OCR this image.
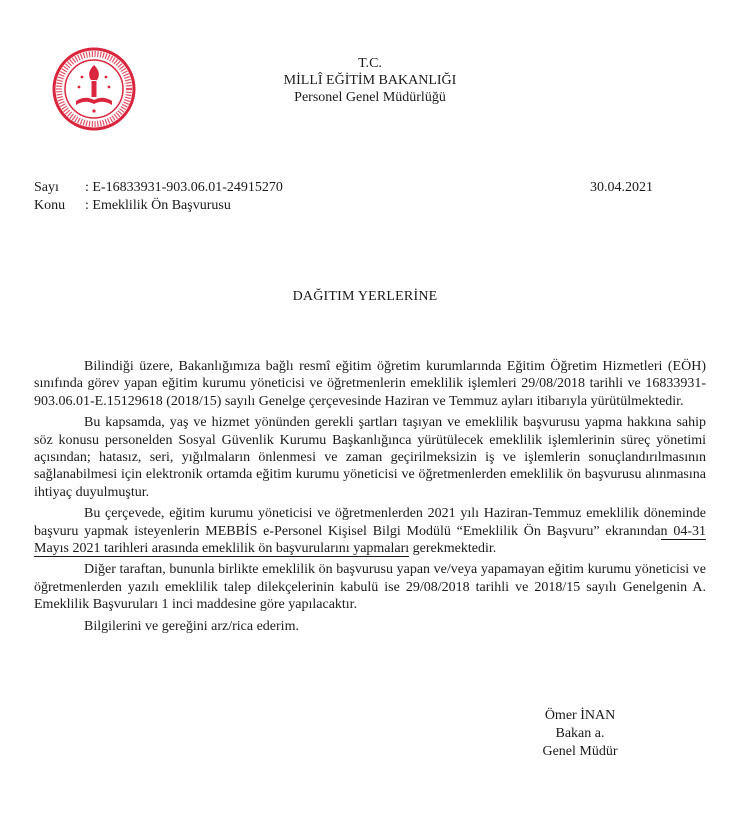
T.C.
MİLLÎ EĞİTİM BAKANLIĞI
Personel Genel Müdürlüğü
Sayı : E-16833931-903.06.01-24915270
Konu : Emeklilik Ön Başvurusu
30.04.2021
DAĞITIM YERLERİNE

Bilindiği üzere, Bakanlığımıza bağlı resmî eğitim öğretim kurumlarında Eğitim Öğretim Hizmetleri (EÖH) sınıfında görev yapan eğitim kurumu yöneticisi ve öğretmenlerin emeklilik işlemleri 29/08/2018 tarihli ve 16833931-903.06.01-E.15129618 (2018/15) sayılı Genelge çerçevesinde Haziran ve Temmuz ayları itibarıyla yürütülmektedir.

Bu kapsamda, yaş ve hizmet yönünden gerekli şartları taşıyan ve emeklilik başvurusu yapma hakkına sahip söz konusu personelden Sosyal Güvenlik Kurumu Başkanlığınca yürütülecek emeklilik işlemlerinin süreç yönetimi açısından; hatasız, seri, yığılmaların önlenmesi ve zaman geçirilmeksizin iş ve işlemlerin sonuçlandırılmasının sağlanabilmesi için elektronik ortamda eğitim kurumu yöneticisi ve öğretmenlerden emeklilik ön başvurusu alınmasına ihtiyaç duyulmuştur.

Bu çerçevede, eğitim kurumu yöneticisi ve öğretmenlerden 2021 yılı Haziran-Temmuz emeklilik döneminde başvuru yapmak isteyenlerin MEBBİS e-Personel Kişisel Bilgi Modülü “Emeklilik Ön Başvuru” ekranından 04-31 Mayıs 2021 tarihleri arasında emeklilik ön başvurularını yapmaları gerekmektedir.

Diğer taraftan, bununla birlikte emeklilik ön başvurusu yapan ve/veya yapamayan eğitim kurumu yöneticisi ve öğretmenlerden yazılı emeklilik talep dilekçelerinin kabulü ise 29/08/2018 tarihli ve 2018/15 sayılı Genelgenin A. Emeklilik Başvuruları 1 inci maddesine göre yapılacaktır.

Bilgilerini ve gereğini arz/rica ederim.

Ömer İNAN
Bakan a.
Genel Müdür
